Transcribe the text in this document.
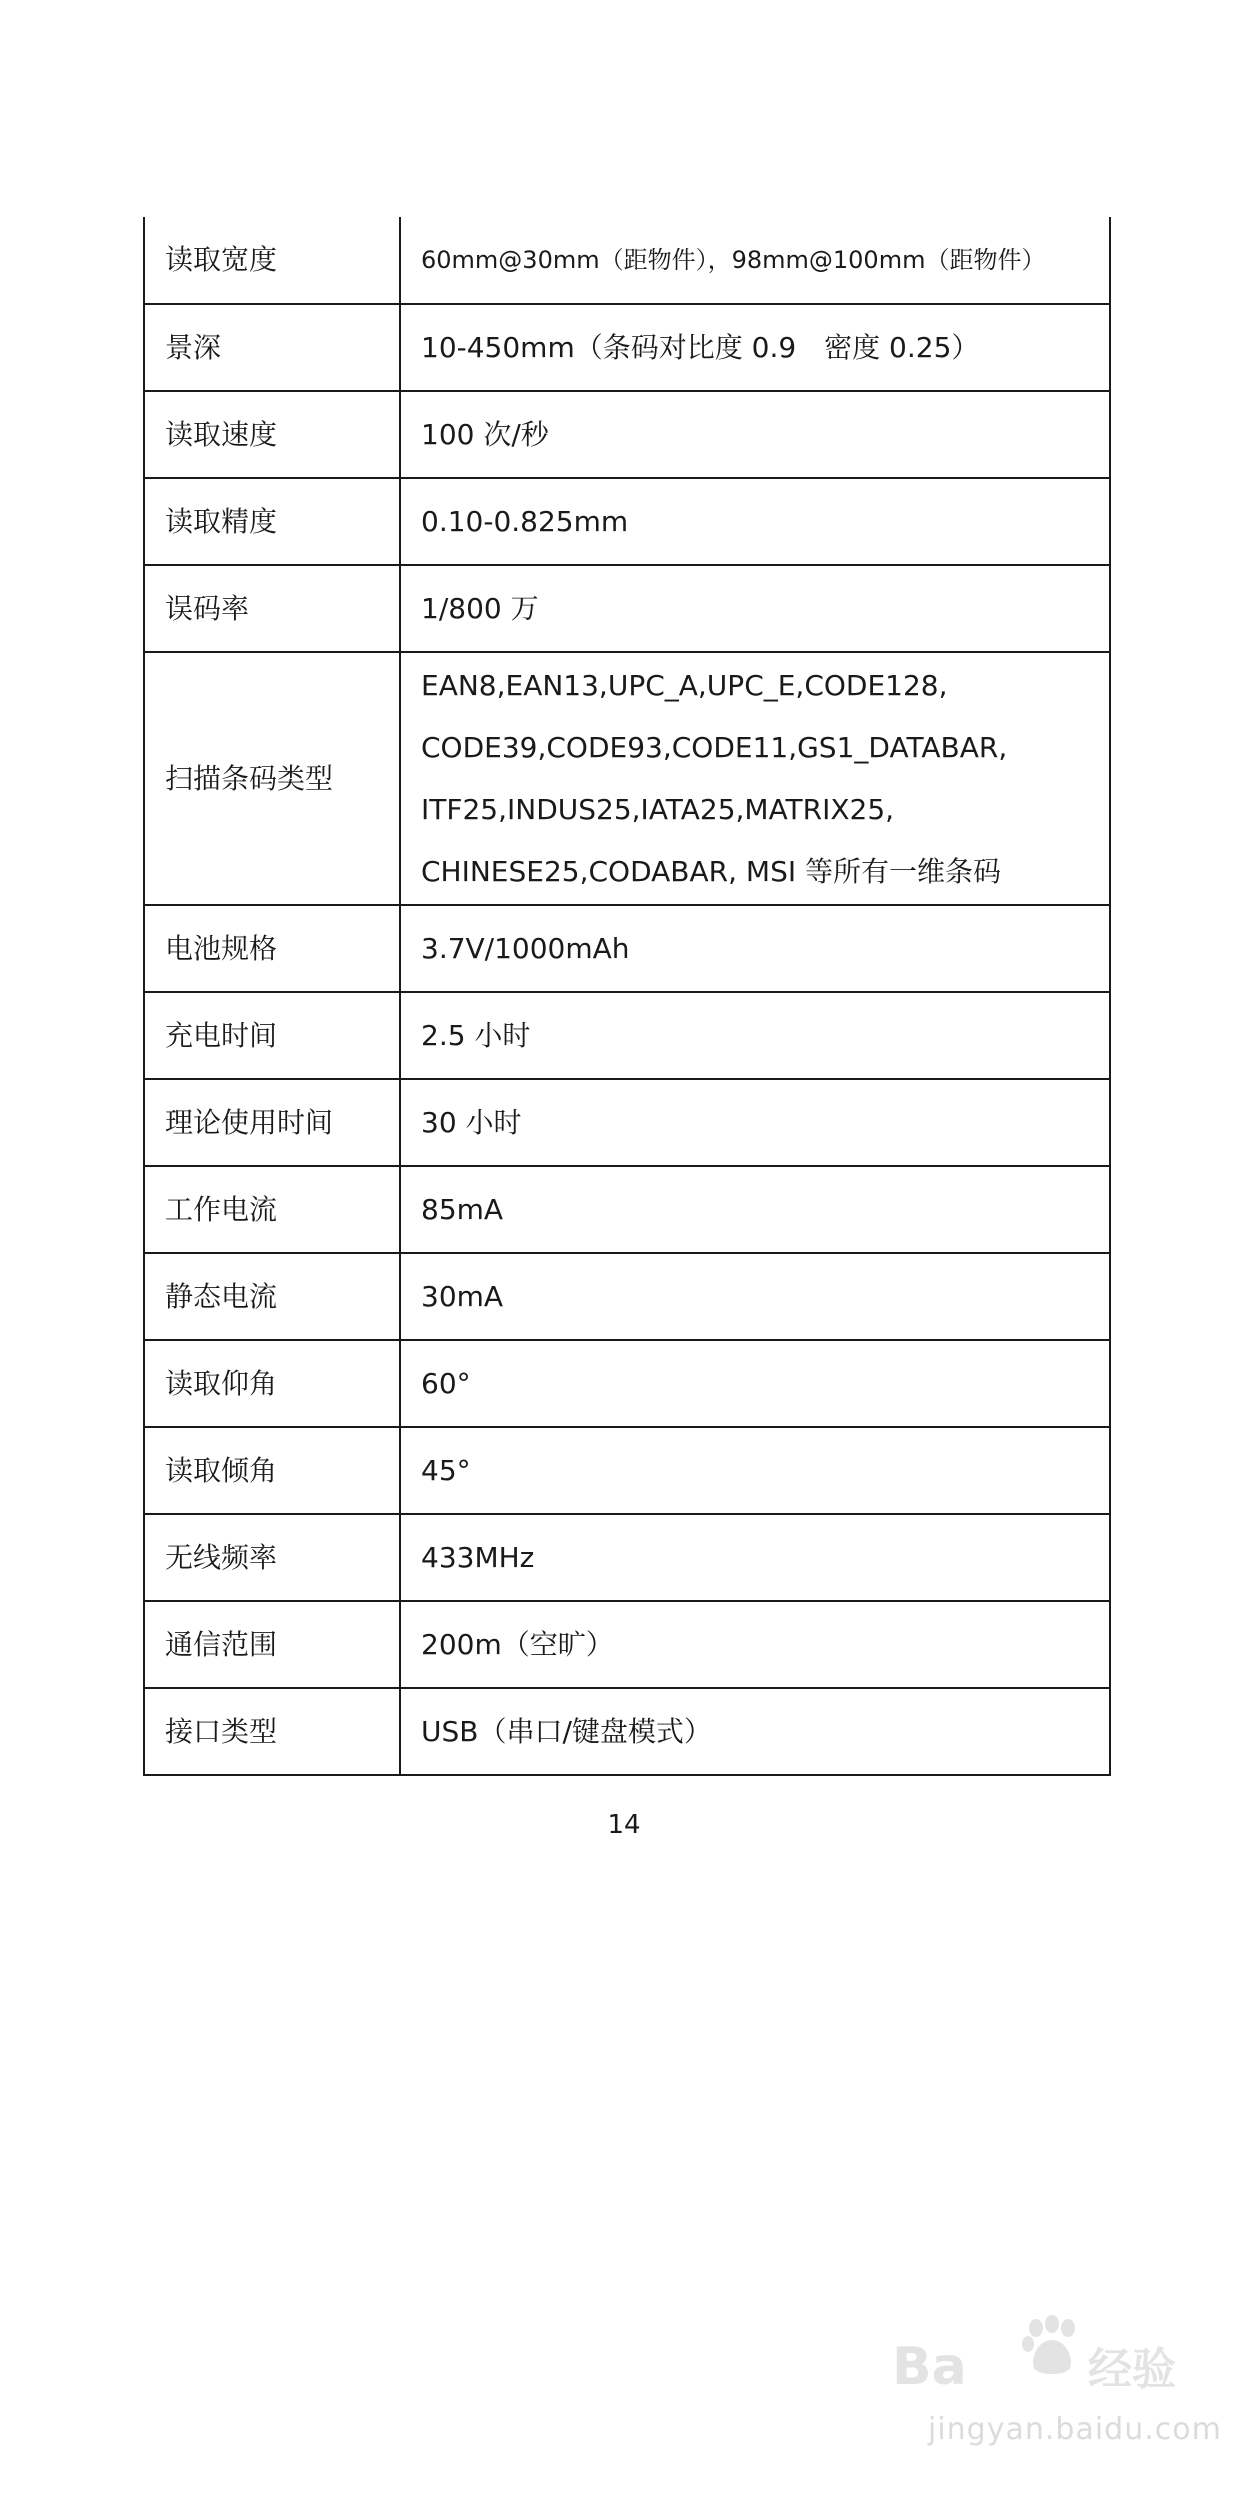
读取宽度	60mm@30mm（距物件），98mm@100mm（距物件）
景深	10-450mm（条码对比度 0.9　密度 0.25）
读取速度	100 次/秒
读取精度	0.10-0.825mm
误码率	1/800 万
扫描条码类型	EAN8,EAN13,UPC_A,UPC_E,CODE128,
CODE39,CODE93,CODE11,GS1_DATABAR,
ITF25,INDUS25,IATA25,MATRIX25,
CHINESE25,CODABAR, MSI 等所有一维条码

电池规格	3.7V/1000mAh
充电时间	2.5 小时
理论使用时间	30 小时
工作电流	85mA
静态电流	30mA
读取仰角	60°
读取倾角	45°
无线频率	433MHz
通信范围	200m（空旷）
接口类型	USB（串口/键盘模式）
14
Ba	经验
jingyan.baidu.com
